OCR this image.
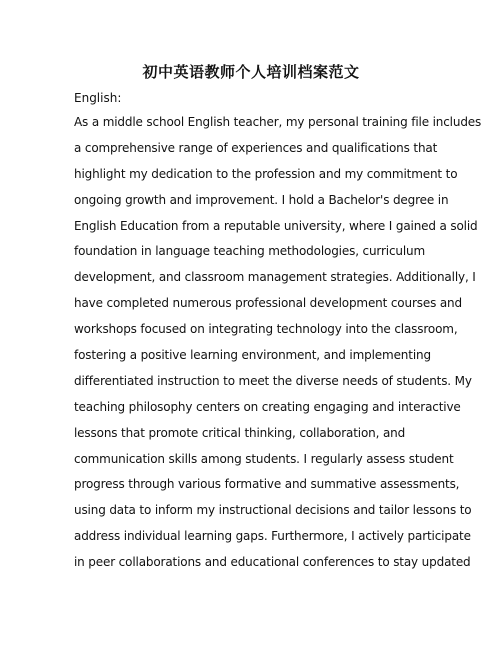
初中英语教师个人培训档案范文

English:

As a middle school English teacher, my personal training file includes
a comprehensive range of experiences and qualifications that
highlight my dedication to the profession and my commitment to
ongoing growth and improvement. I hold a Bachelor's degree in
English Education from a reputable university, where I gained a solid
foundation in language teaching methodologies, curriculum
development, and classroom management strategies. Additionally, I
have completed numerous professional development courses and
workshops focused on integrating technology into the classroom,
fostering a positive learning environment, and implementing
differentiated instruction to meet the diverse needs of students. My
teaching philosophy centers on creating engaging and interactive
lessons that promote critical thinking, collaboration, and
communication skills among students. I regularly assess student
progress through various formative and summative assessments,
using data to inform my instructional decisions and tailor lessons to
address individual learning gaps. Furthermore, I actively participate
in peer collaborations and educational conferences to stay updated
